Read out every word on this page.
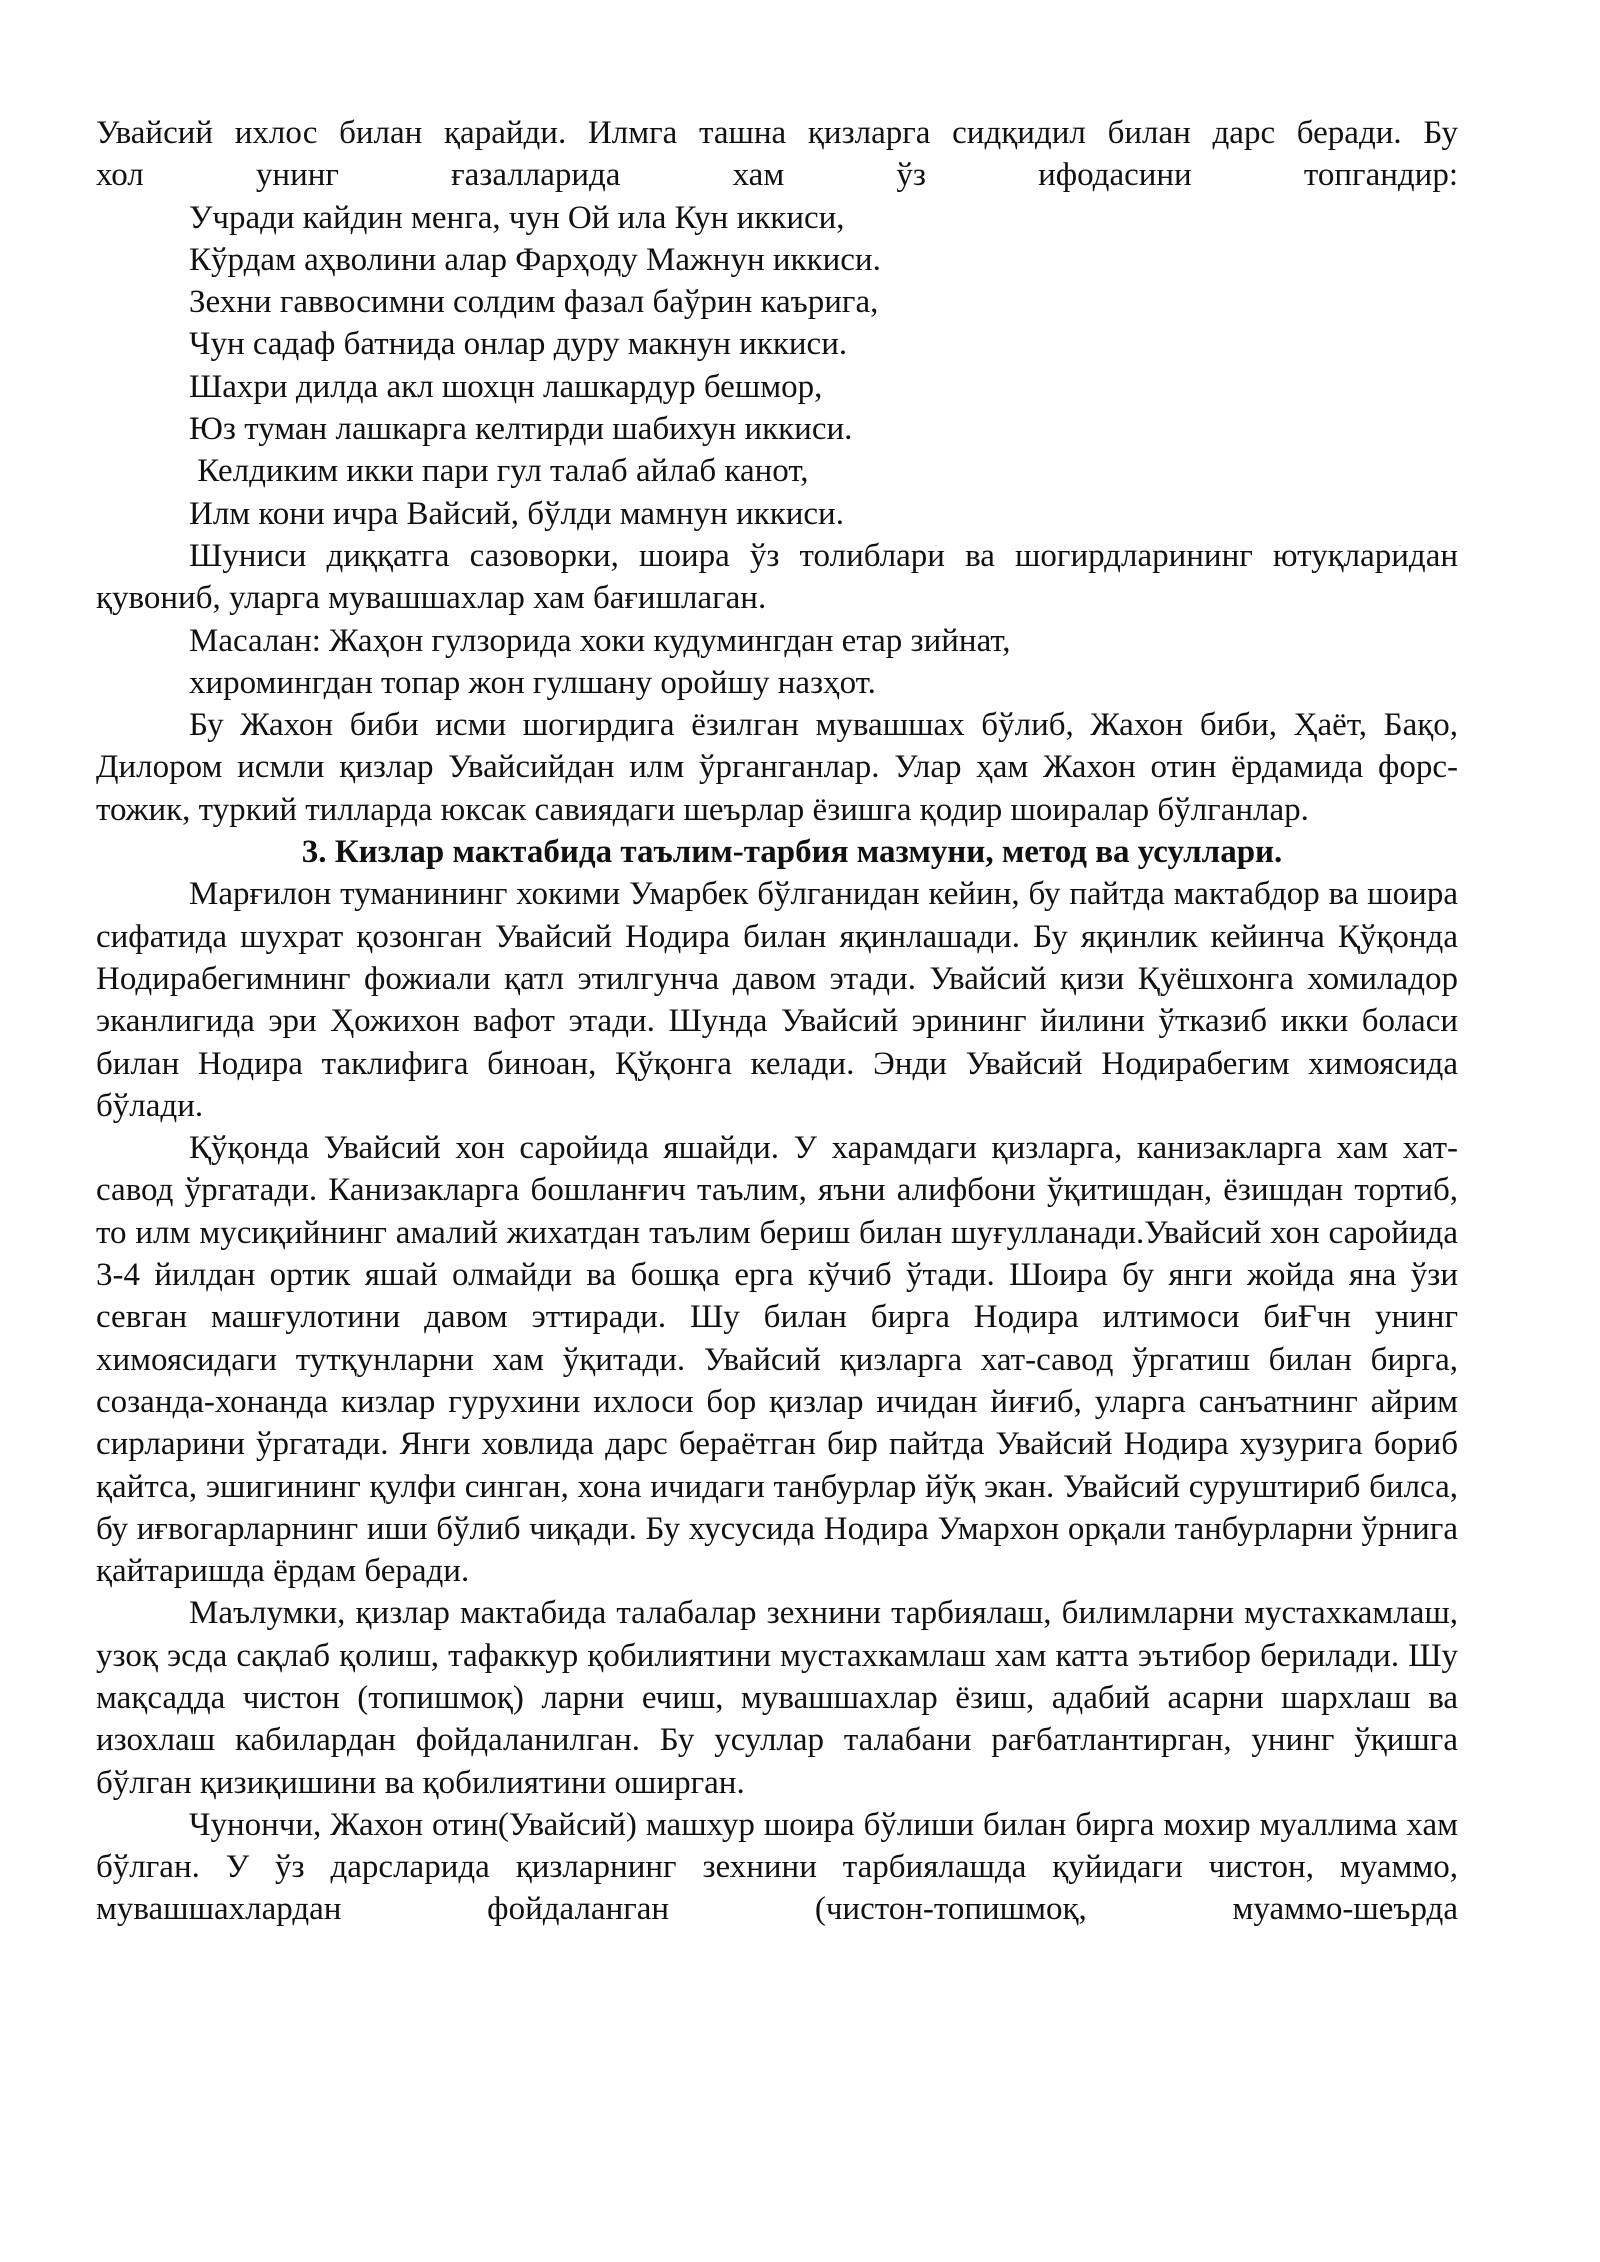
Увайсий ихлос билан қарайди. Илмга ташна қизларга сидқидил билан дарс беради. Бу
хол унинг ғазалларида хам ўз ифодасини топгандир:

Учради кайдин менга, чун Ой ила Кун иккиси,
Кўрдам аҳволини алар Фарҳоду Мажнун иккиси.
Зехни гаввосимни солдим фазал баўрин каърига,
Чун садаф батнида онлар дуру макнун иккиси.
Шахри дилда акл шохцн лашкардур бешмор,
Юз туман лашкарга келтирди шабихун иккиси.
Келдиким икки пари гул талаб айлаб канот,
Илм кони ичра Вайсий, бўлди мамнун иккиси.

Шуниси диққатга сазоворки, шоира ўз толиблари ва шогирдларининг ютуқларидан қувониб, уларга мувашшахлар хам бағишлаган.

Масалан: Жаҳон гулзорида хоки кудумингдан етар зийнат,
хиромингдан топар жон гулшану оройшу назҳот.

Бу Жахон биби исми шогирдига ёзилган мувашшах бўлиб, Жахон биби, Ҳаёт, Бақо, Дилором исмли қизлар Увайсийдан илм ўрганганлар. Улар ҳам Жахон отин ёрдамида форс-тожик, туркий тилларда юксак савиядаги шеърлар ёзишга қодир шоиралар бўлганлар.

3. Кизлар мактабида таълим-тарбия мазмуни, метод ва усуллари.

Марғилон туманининг хокими Умарбек бўлганидан кейин, бу пайтда мактабдор ва шоира сифатида шухрат қозонган Увайсий Нодира билан яқинлашади. Бу яқинлик кейинча Қўқонда Нодирабегимнинг фожиали қатл этилгунча давом этади. Увайсий қизи Қуёшхонга хомиладор эканлигида эри Ҳожихон вафот этади. Шунда Увайсий эрининг йилини ўтказиб икки боласи билан Нодира таклифига биноан, Қўқонга келади. Энди Увайсий Нодирабегим химоясида бўлади.

Қўқонда Увайсий хон саройида яшайди. У харамдаги қизларга, канизакларга хам хат-савод ўргатади. Канизакларга бошланғич таълим, яъни алифбони ўқитишдан, ёзишдан тортиб, то илм мусиқийнинг амалий жихатдан таълим бериш билан шуғулланади.Увайсий хон саройида 3-4 йилдан ортик яшай олмайди ва бошқа ерга кўчиб ўтади. Шоира бу янги жойда яна ўзи севган машғулотини давом эттиради. Шу билан бирга Нодира илтимоси биҒчн унинг химоясидаги тутқунларни хам ўқитади. Увайсий қизларга хат-савод ўргатиш билан бирга, созанда-хонанда кизлар гурухини ихлоси бор қизлар ичидан йиғиб, уларга санъатнинг айрим сирларини ўргатади. Янги ховлида дарс бераётган бир пайтда Увайсий Нодира хузурига бориб қайтса, эшигининг қулфи синган, хона ичидаги танбурлар йўқ экан. Увайсий суруштириб билса, бу иғвогарларнинг иши бўлиб чиқади. Бу хусусида Нодира Умархон орқали танбурларни ўрнига қайтаришда ёрдам беради.

Маълумки, қизлар мактабида талабалар зехнини тарбиялаш, билимларни мустахкамлаш, узоқ эсда сақлаб қолиш, тафаккур қобилиятини мустахкамлаш хам катта эътибор берилади. Шу мақсадда чистон (топишмоқ) ларни ечиш, мувашшахлар ёзиш, адабий асарни шархлаш ва изохлаш кабилардан фойдаланилган. Бу усуллар талабани рағбатлантирган, унинг ўқишга бўлган қизиқишини ва қобилиятини оширган.

Чунончи, Жахон отин(Увайсий) машхур шоира бўлиши билан бирга мохир муаллима хам бўлган. У ўз дарсларида қизларнинг зехнини тарбиялашда қуйидаги чистон, муаммо, мувашшахлардан фойдаланган (чистон-топишмоқ, муаммо-шеърда
